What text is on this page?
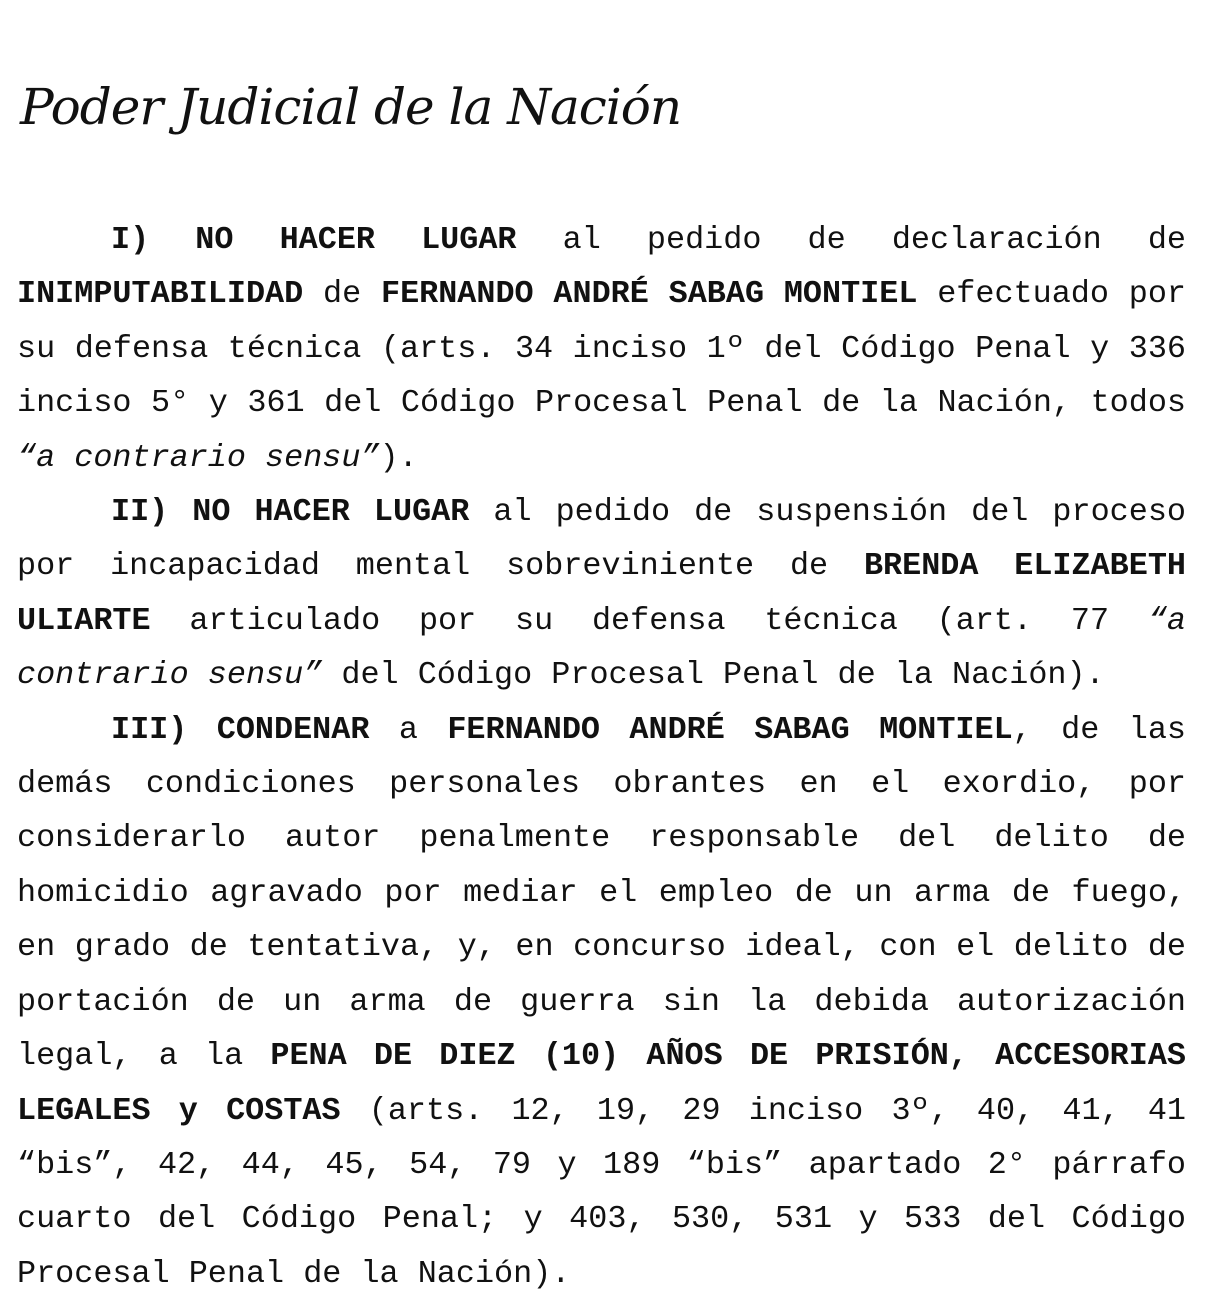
Poder Judicial de la Nación

I) NO HACER LUGAR al pedido de declaración de INIMPUTABILIDAD de FERNANDO ANDRÉ SABAG MONTIEL efectuado por su defensa técnica (arts. 34 inciso 1º del Código Penal y 336 inciso 5° y 361 del Código Procesal Penal de la Nación, todos “a contrario sensu”).

II) NO HACER LUGAR al pedido de suspensión del proceso por incapacidad mental sobreviniente de BRENDA ELIZABETH ULIARTE articulado por su defensa técnica (art. 77 “a contrario sensu” del Código Procesal Penal de la Nación).

III) CONDENAR a FERNANDO ANDRÉ SABAG MONTIEL, de las demás condiciones personales obrantes en el exordio, por considerarlo autor penalmente responsable del delito de homicidio agravado por mediar el empleo de un arma de fuego, en grado de tentativa, y, en concurso ideal, con el delito de portación de un arma de guerra sin la debida autorización legal, a la PENA DE DIEZ (10) AÑOS DE PRISIÓN, ACCESORIAS LEGALES y COSTAS (arts. 12, 19, 29 inciso 3º, 40, 41, 41 “bis”, 42, 44, 45, 54, 79 y 189 “bis” apartado 2° párrafo cuarto del Código Penal; y 403, 530, 531 y 533 del Código Procesal Penal de la Nación).
